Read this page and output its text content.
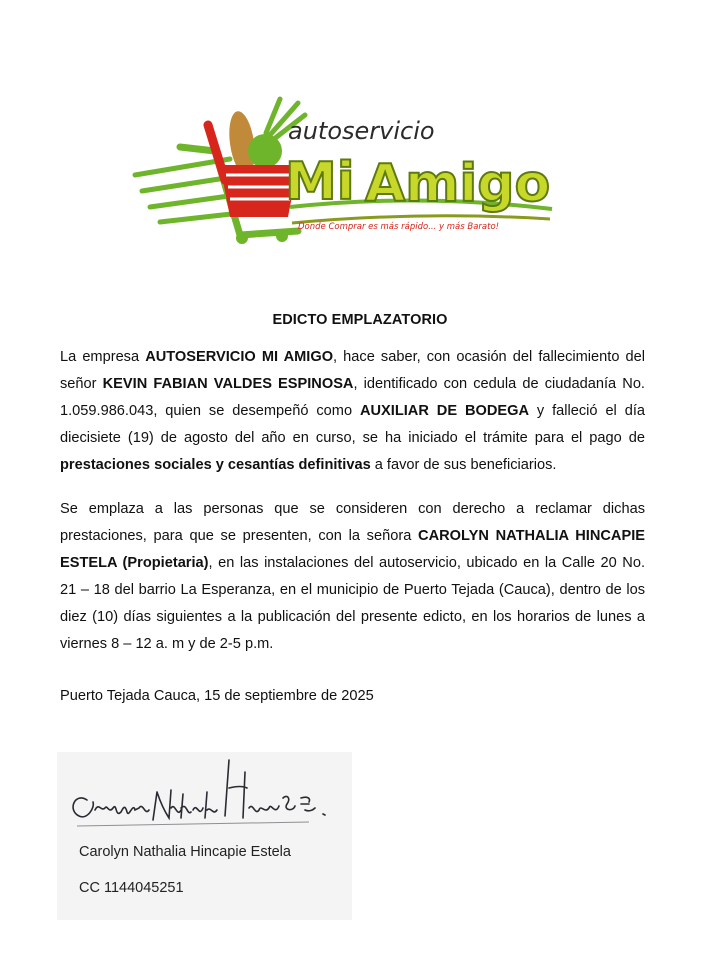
autoservicio
Mi Amigo
Donde Comprar es más rápido... y más Barato!
EDICTO EMPLAZATORIO

La empresa AUTOSERVICIO MI AMIGO, hace saber, con ocasión del fallecimiento del señor KEVIN FABIAN VALDES ESPINOSA, identificado con cedula de ciudadanía No. 1.059.986.043, quien se desempeñó como AUXILIAR DE BODEGA y falleció el día diecisiete (19) de agosto del año en curso, se ha iniciado el trámite para el pago de prestaciones sociales y cesantías definitivas a favor de sus beneficiarios.

Se emplaza a las personas que se consideren con derecho a reclamar dichas prestaciones, para que se presenten, con la señora CAROLYN NATHALIA HINCAPIE ESTELA (Propietaria), en las instalaciones del autoservicio, ubicado en la Calle 20 No. 21 – 18 del barrio La Esperanza, en el municipio de Puerto Tejada (Cauca), dentro de los diez (10) días siguientes a la publicación del presente edicto, en los horarios de lunes a viernes 8 – 12 a. m y de 2-5 p.m.

Puerto Tejada Cauca, 15 de septiembre de 2025
Carolyn Nathalia Hincapie Estela
CC 1144045251
